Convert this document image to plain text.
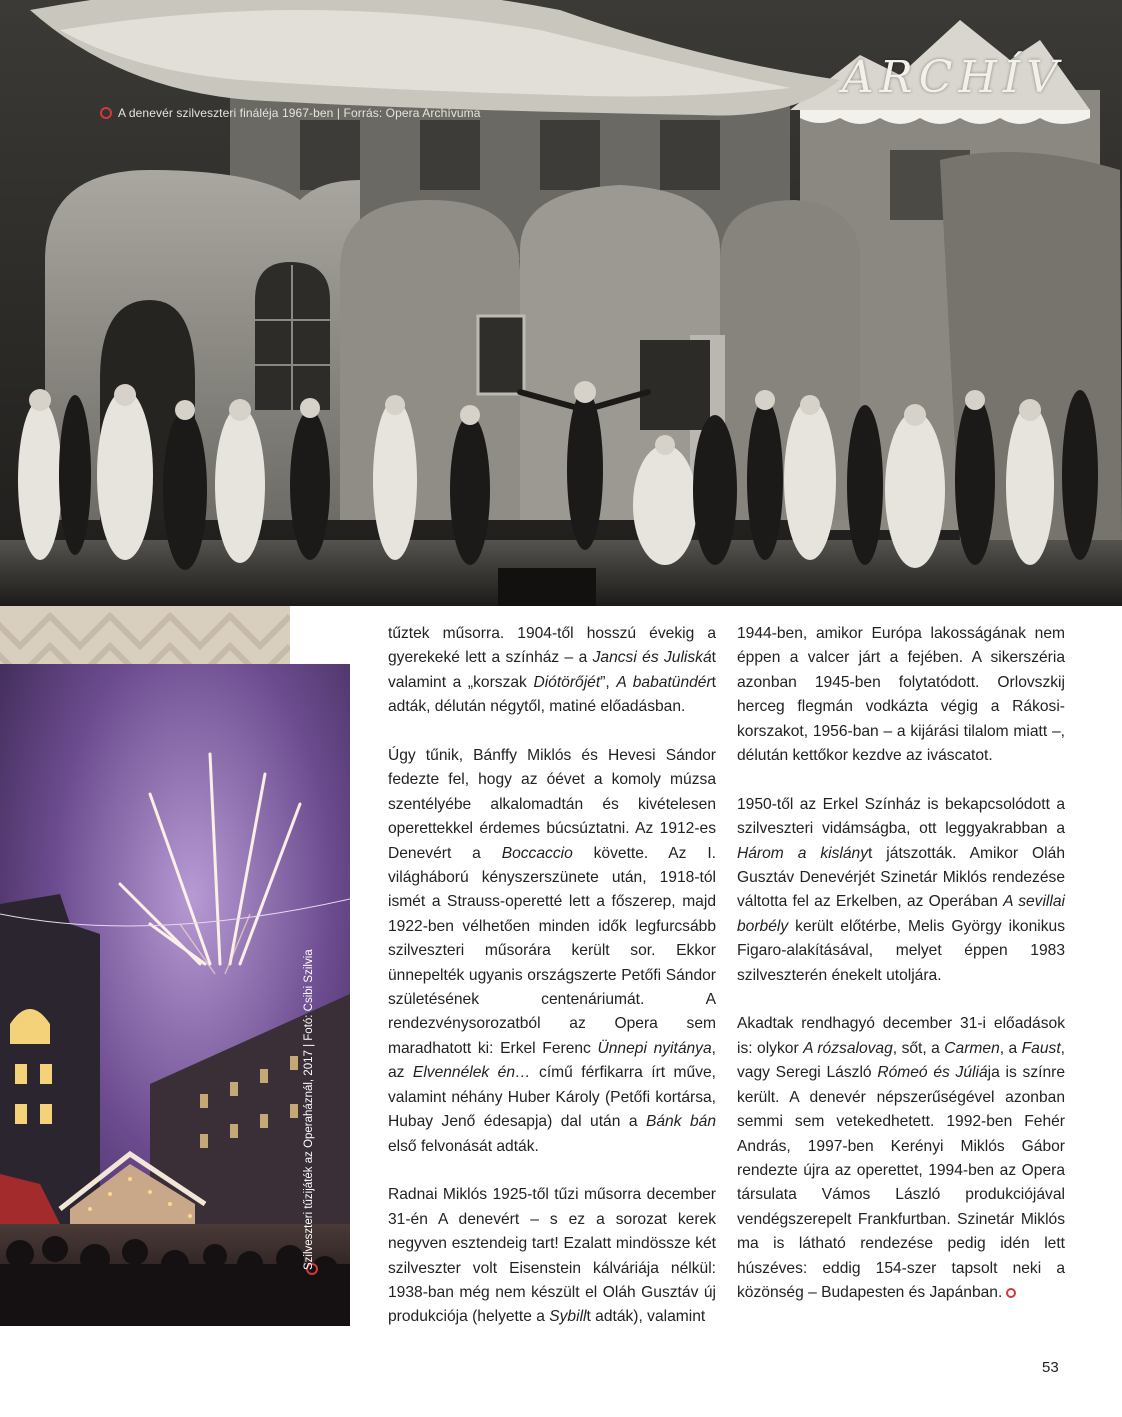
ARCHÍV
A denevér szilveszteri fináléja 1967-ben | Forrás: Opera Archívuma
Szilveszteri tűzijáték az Operaháznál, 2017 | Fotó: Csibi Szilvia

tűztek műsorra. 1904-től hosszú évekig a gyerekeké lett a színház – a Jancsi és Juliskát valamint a „korszak Diótörőjét”, A babatündért adták, délután négytől, matiné előadásban.

Úgy tűnik, Bánffy Miklós és Hevesi Sándor fedezte fel, hogy az óévet a komoly múzsa szentélyébe alkalomadtán és kivételesen operettekkel érdemes búcsúztatni. Az 1912-es Denevért a Boccaccio követte. Az I. világháború kényszerszünete után, 1918-tól ismét a Strauss-operetté lett a főszerep, majd 1922-ben vélhetően minden idők legfurcsább szilveszteri műsorára került sor. Ekkor ünnepelték ugyanis országszerte Petőfi Sándor születésének centenáriumát. A rendezvénysorozatból az Opera sem maradhatott ki: Erkel Ferenc Ünnepi nyitánya, az Elvennélek én… című férfikarra írt műve, valamint néhány Huber Károly (Petőfi kortársa, Hubay Jenő édesapja) dal után a Bánk bán első felvonását adták.

Radnai Miklós 1925-től tűzi műsorra december 31-én A denevért – s ez a sorozat kerek negyven esztendeig tart! Ezalatt mindössze két szilveszter volt Eisenstein kálváriája nélkül: 1938-ban még nem készült el Oláh Gusztáv új produkciója (helyette a Sybillt adták), valamint

1944-ben, amikor Európa lakosságának nem éppen a valcer járt a fejében. A sikerszéria azonban 1945-ben folytatódott. Orlovszkij herceg flegmán vodkázta végig a Rákosi-korszakot, 1956-ban – a kijárási tilalom miatt –, délután kettőkor kezdve az iváscatot.

1950-től az Erkel Színház is bekapcsolódott a szilveszteri vidámságba, ott leggyakrabban a Három a kislányt játszották. Amikor Oláh Gusztáv Denevérjét Szinetár Miklós rendezése váltotta fel az Erkelben, az Operában A sevillai borbély került előtérbe, Melis György ikonikus Figaro-alakításával, melyet éppen 1983 szilveszterén énekelt utoljára.

Akadtak rendhagyó december 31-i előadások is: olykor A rózsalovag, sőt, a Carmen, a Faust, vagy Seregi László Rómeó és Júliája is színre került. A denevér népszerűségével azonban semmi sem vetekedhetett. 1992-ben Fehér András, 1997-ben Kerényi Miklós Gábor rendezte újra az operettet, 1994-ben az Opera társulata Vámos László produkciójával vendégszerepelt Frankfurtban. Szinetár Miklós ma is látható rendezése pedig idén lett húszéves: eddig 154-szer tapsolt neki a közönség – Budapesten és Japánban.

53
